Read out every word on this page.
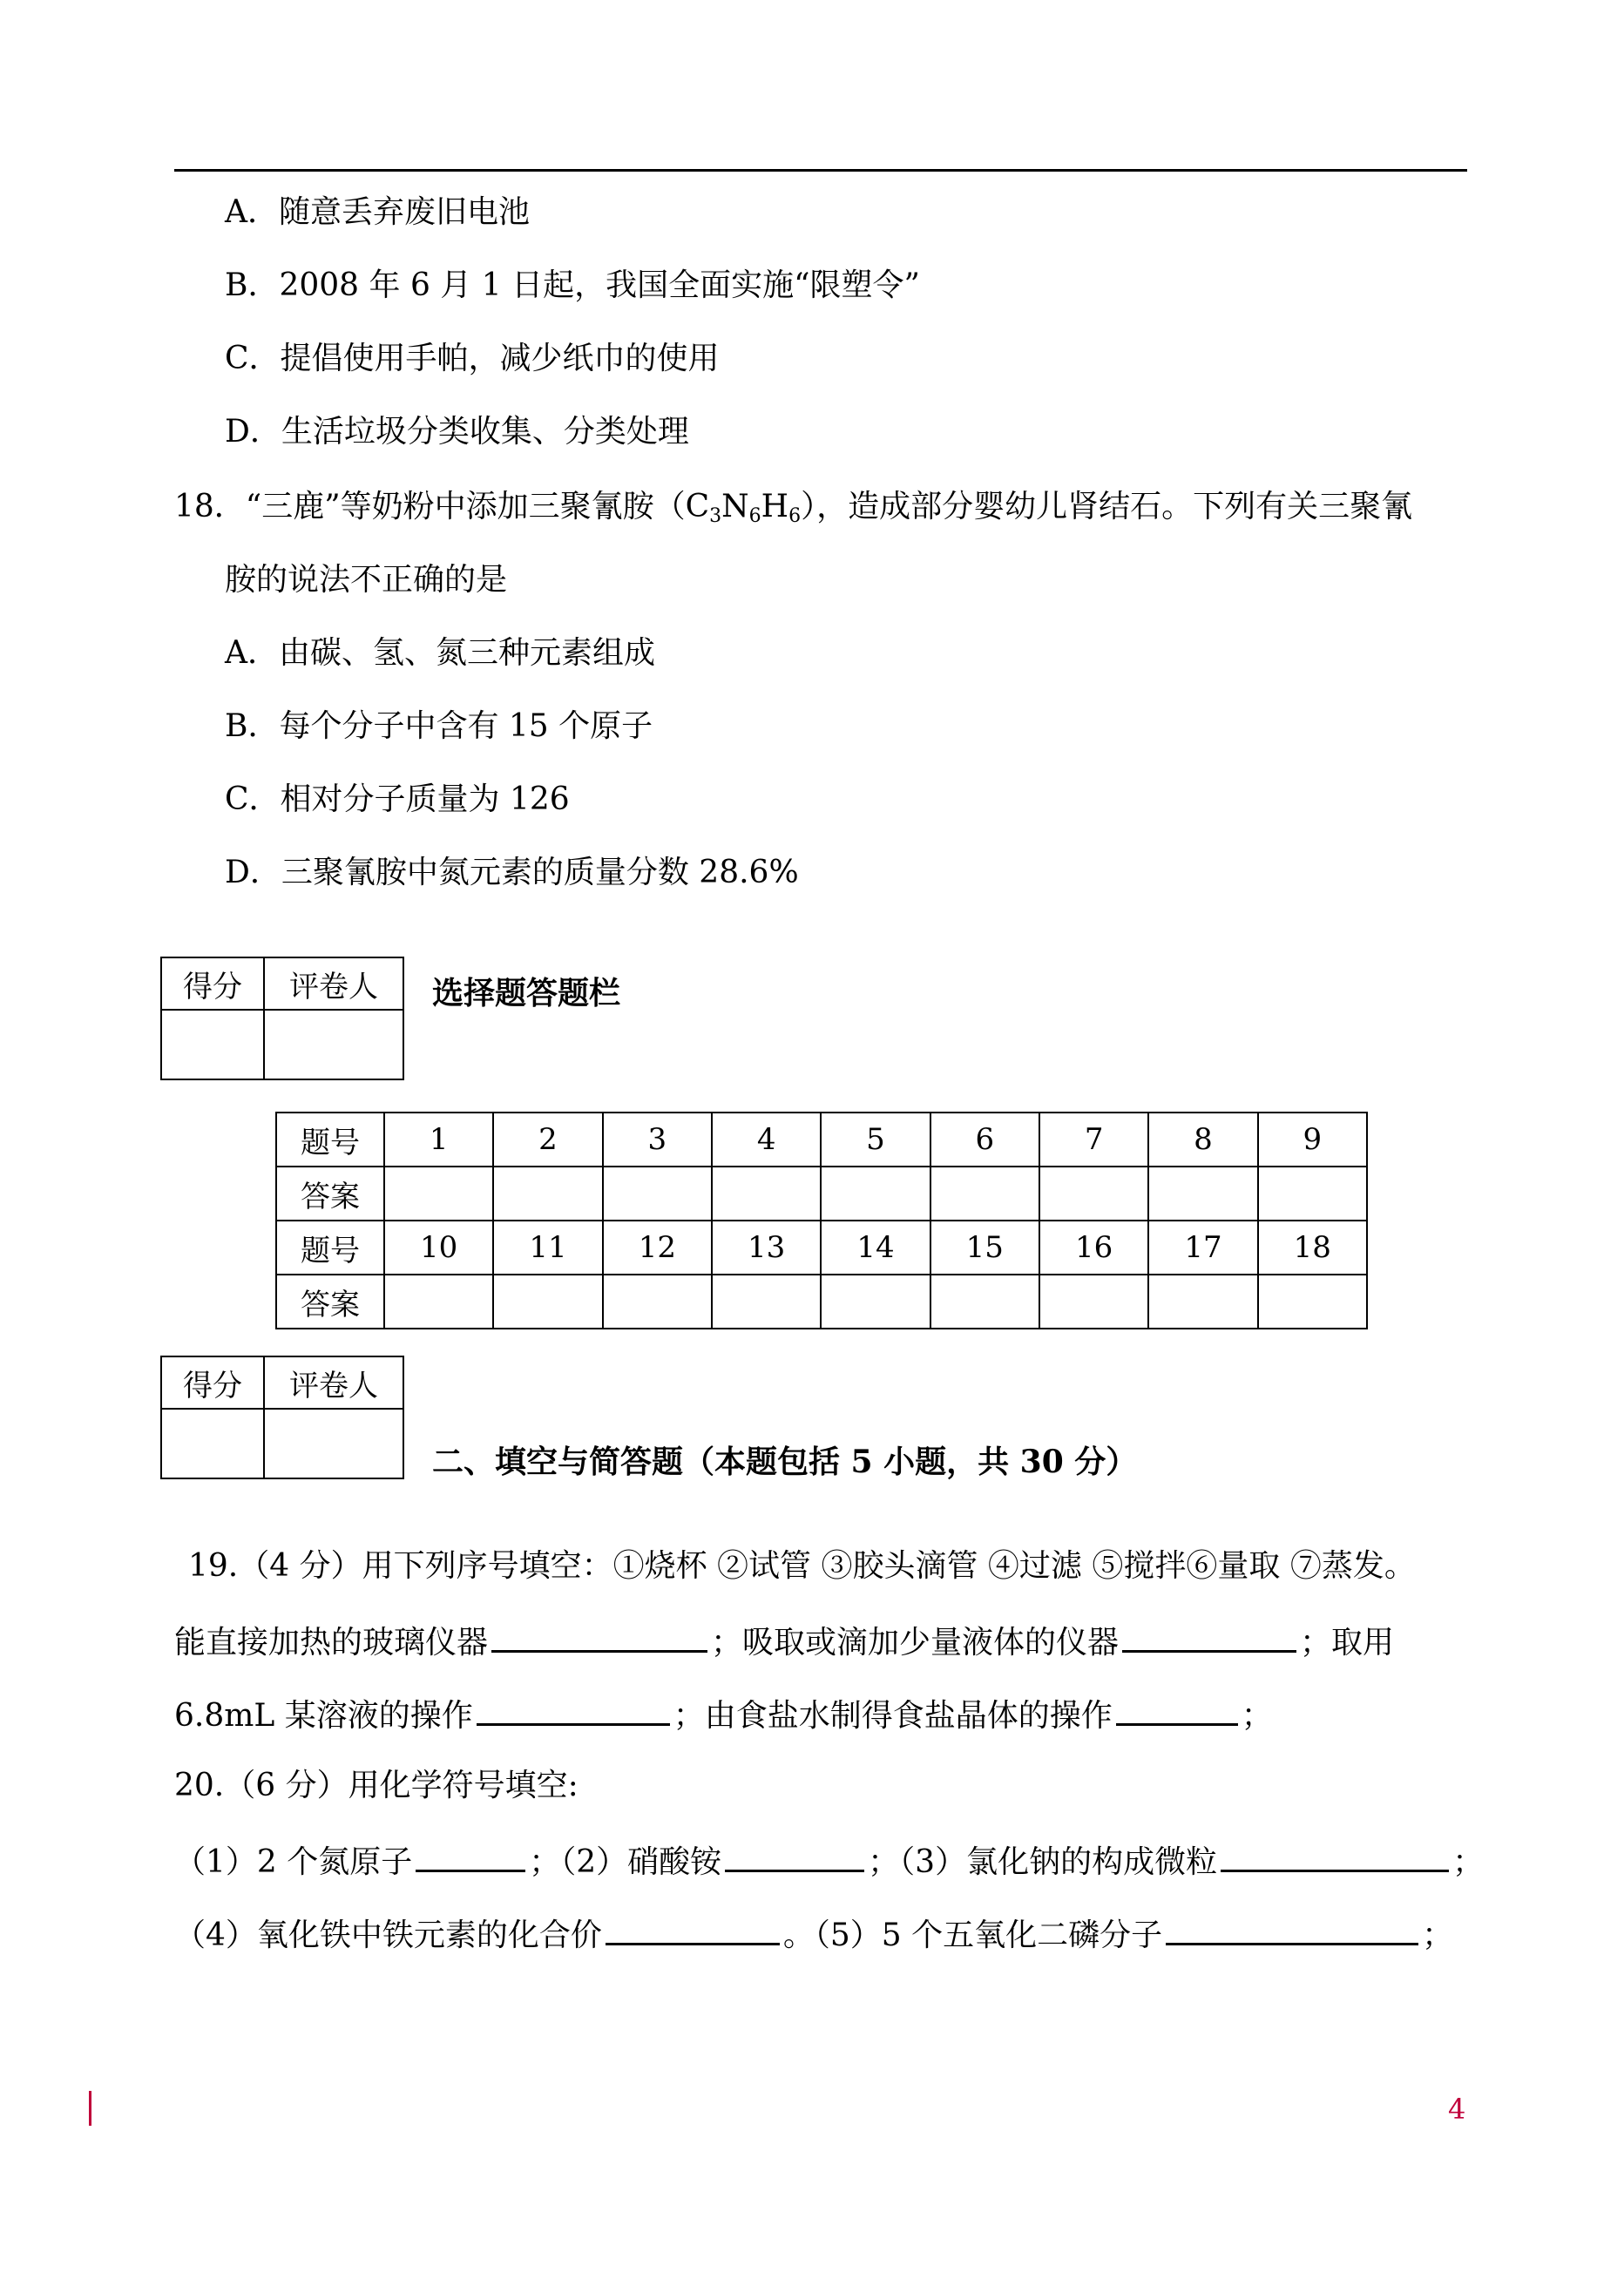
A．随意丢弃废旧电池
B．2008 年 6 月 1 日起，我国全面实施“限塑令”
C．提倡使用手帕，减少纸巾的使用
D．生活垃圾分类收集、分类处理
18．“三鹿”等奶粉中添加三聚氰胺$(C_3N_6H_6)$，造成部分婴幼儿肾结石。下列有关三聚氰
胺的说法不正确的是
A．由碳、氢、氮三种元素组成
B．每个分子中含有 15 个原子
C．相对分子质量为 126
D．三聚氰胺中氮元素的质量分数 28.6%
得分	评卷人
	选择题答题栏
题号	1	2	3	4	5	6	7	8	9
答案									
题号	10	11	12	13	14	15	16	17	18
答案									
得分	评卷人

二、填空与简答题（本题包括 5 小题，共 30 分）
19.（4 分）用下列序号填空：①烧杯 ②试管 ③胶头滴管 ④过滤 ⑤搅拌⑥量取 ⑦蒸发。
能直接加热的玻璃仪器	；吸取或滴加少量液体的仪器	；取用
6.8mL 某溶液的操作	；由食盐水制得食盐晶体的操作	；
20.（6 分）用化学符号填空:
（1）2 个氮原子	；（2）硝酸铵	；（3）氯化钠的构成微粒	；
（4）氧化铁中铁元素的化合价	。（5）5 个五氧化二磷分子	；
4
